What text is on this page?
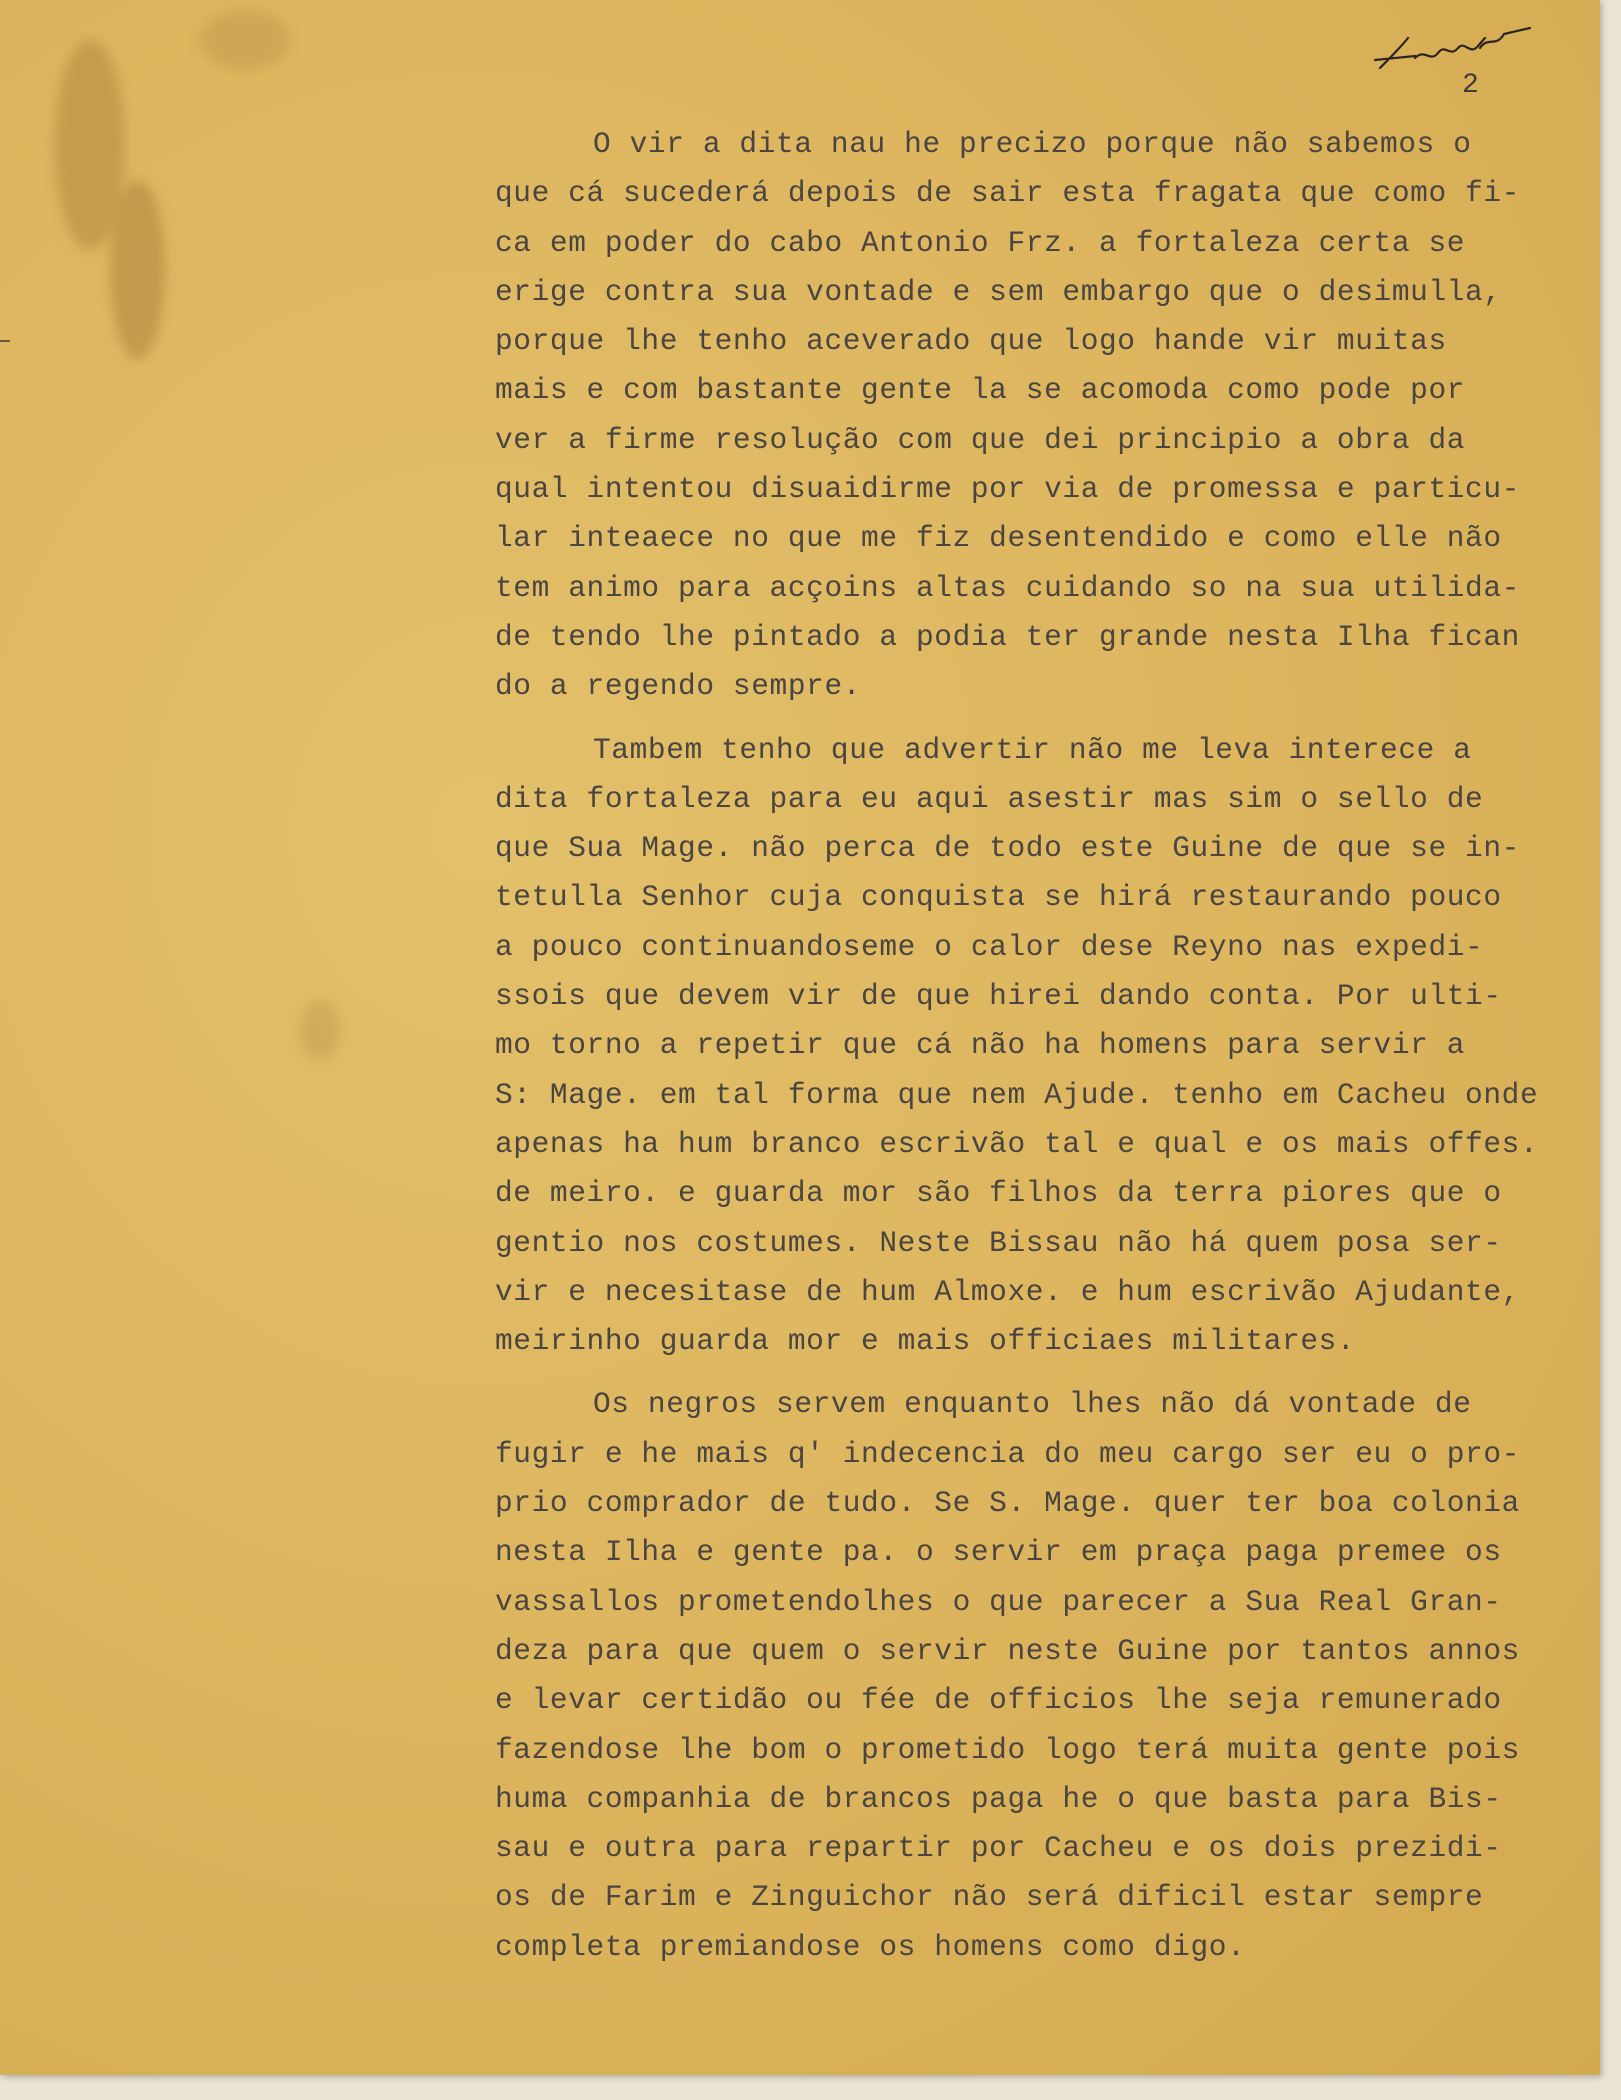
2
O vir a dita nau he precizo porque não sabemos o
que cá sucederá depois de sair esta fragata que como fi-
ca em poder do cabo Antonio Frz. a fortaleza certa se
erige contra sua vontade e sem embargo que o desimulla,
porque lhe tenho aceverado que logo hande vir muitas
mais e com bastante gente la se acomoda como pode por
ver a firme resolução com que dei principio a obra da
qual intentou disuaidirme por via de promessa e particu-
lar inteaece no que me fiz desentendido e como elle não
tem animo para acçoins altas cuidando so na sua utilida-
de tendo lhe pintado a podia ter grande nesta Ilha fican
do a regendo sempre.
Tambem tenho que advertir não me leva interece a
dita fortaleza para eu aqui asestir mas sim o sello de
que Sua Mage. não perca de todo este Guine de que se in-
tetulla Senhor cuja conquista se hirá restaurando pouco
a pouco continuandoseme o calor dese Reyno nas expedi-
ssois que devem vir de que hirei dando conta. Por ulti-
mo torno a repetir que cá não ha homens para servir a
S: Mage. em tal forma que nem Ajude. tenho em Cacheu onde
apenas ha hum branco escrivão tal e qual e os mais offes.
de meiro. e guarda mor são filhos da terra piores que o
gentio nos costumes. Neste Bissau não há quem posa ser-
vir e necesitase de hum Almoxe. e hum escrivão Ajudante,
meirinho guarda mor e mais officiaes militares.
Os negros servem enquanto lhes não dá vontade de
fugir e he mais q' indecencia do meu cargo ser eu o pro-
prio comprador de tudo. Se S. Mage. quer ter boa colonia
nesta Ilha e gente pa. o servir em praça paga premee os
vassallos prometendolhes o que parecer a Sua Real Gran-
deza para que quem o servir neste Guine por tantos annos
e levar certidão ou fée de officios lhe seja remunerado
fazendose lhe bom o prometido logo terá muita gente pois
huma companhia de brancos paga he o que basta para Bis-
sau e outra para repartir por Cacheu e os dois prezidi-
os de Farim e Zinguichor não será dificil estar sempre
completa premiandose os homens como digo.
